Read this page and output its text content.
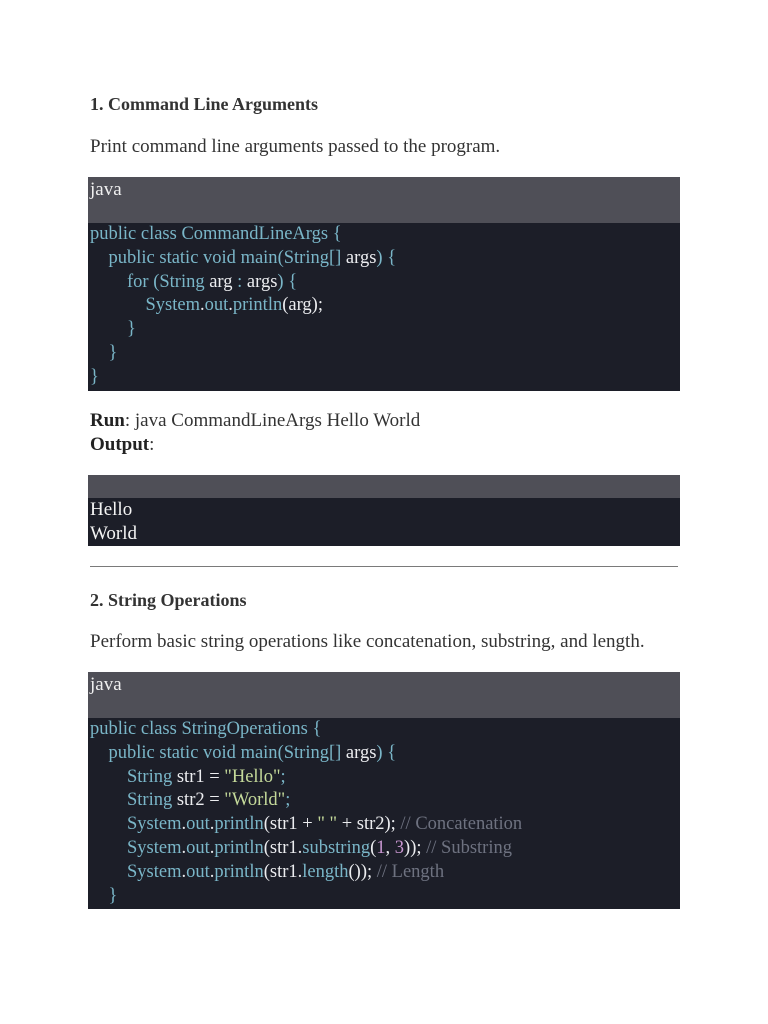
1. Command Line Arguments

Print command line arguments passed to the program.

java
public class CommandLineArgs {
public static void main(String[] args) {
for (String arg : args) {
System.out.println(arg);
}
}
}
Run: java CommandLineArgs Hello World
Output:
Hello
World
2. String Operations

Perform basic string operations like concatenation, substring, and length.

java
public class StringOperations {
public static void main(String[] args) {
String str1 = "Hello";
String str2 = "World";
System.out.println(str1 + " " + str2); // Concatenation
System.out.println(str1.substring(1, 3)); // Substring
System.out.println(str1.length()); // Length
}
